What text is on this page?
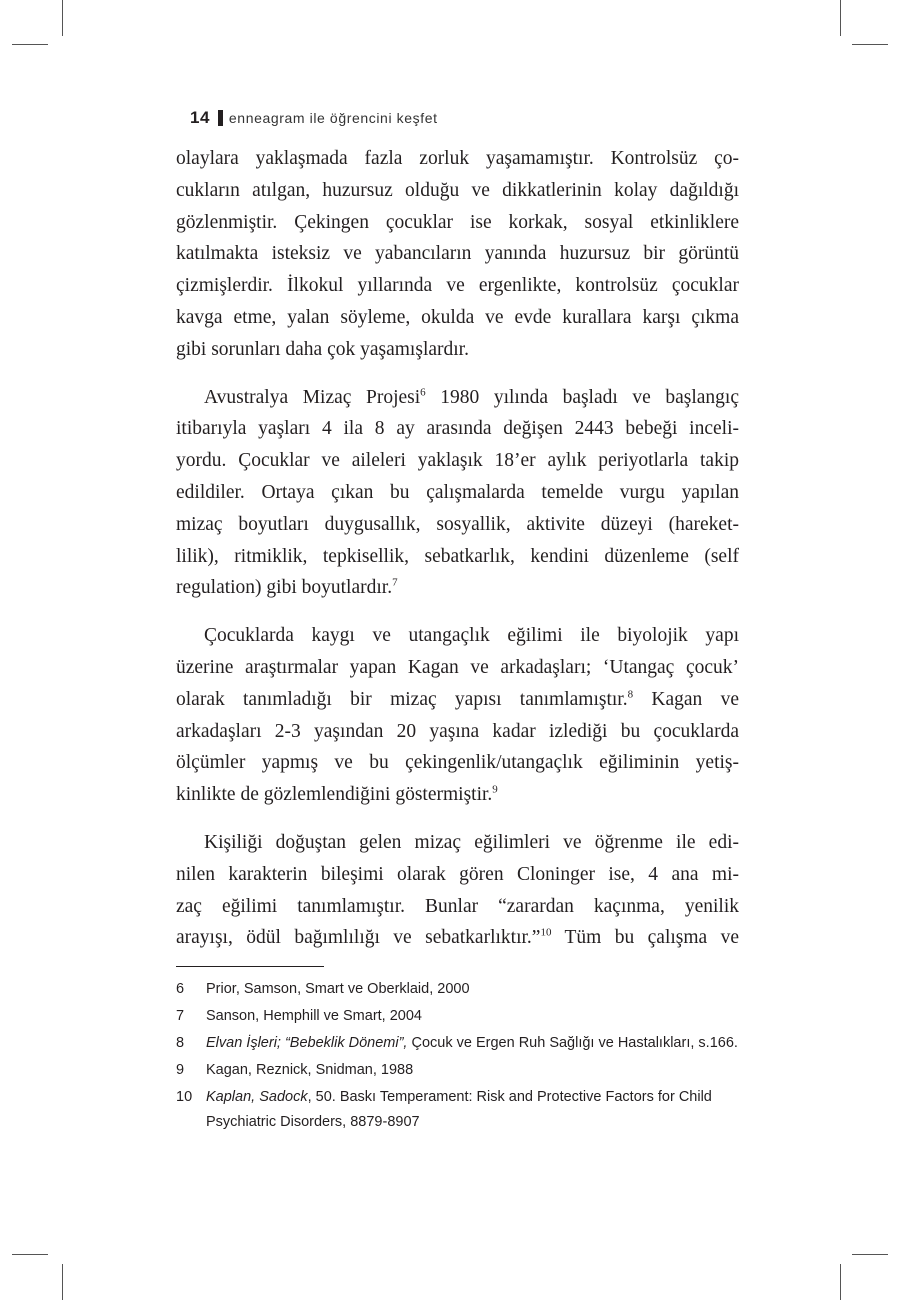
14 enneagram ile öğrencini keşfet

olaylara yaklaşmada fazla zorluk yaşamamıştır. Kontrolsüz ço-

cukların atılgan, huzursuz olduğu ve dikkatlerinin kolay dağıldığı

gözlenmiştir. Çekingen çocuklar ise korkak, sosyal etkinliklere

katılmakta isteksiz ve yabancıların yanında huzursuz bir görüntü

çizmişlerdir. İlkokul yıllarında ve ergenlikte, kontrolsüz çocuklar

kavga etme, yalan söyleme, okulda ve evde kurallara karşı çıkma

gibi sorunları daha çok yaşamışlardır.

Avustralya Mizaç Projesi$^6$ 1980 yılında başladı ve başlangıç

itibarıyla yaşları 4 ila 8 ay arasında değişen 2443 bebeği inceli-

yordu. Çocuklar ve aileleri yaklaşık 18’er aylık periyotlarla takip

edildiler. Ortaya çıkan bu çalışmalarda temelde vurgu yapılan

mizaç boyutları duygusallık, sosyallik, aktivite düzeyi (hareket-

lilik), ritmiklik, tepkisellik, sebatkarlık, kendini düzenleme (self

regulation) gibi boyutlardır.$^7$

Çocuklarda kaygı ve utangaçlık eğilimi ile biyolojik yapı

üzerine araştırmalar yapan Kagan ve arkadaşları; ‘Utangaç çocuk’

olarak tanımladığı bir mizaç yapısı tanımlamıştır.$^8$ Kagan ve

arkadaşları 2-3 yaşından 20 yaşına kadar izlediği bu çocuklarda

ölçümler yapmış ve bu çekingenlik/utangaçlık eğiliminin yetiş-

kinlikte de gözlemlendiğini göstermiştir.$^9$

Kişiliği doğuştan gelen mizaç eğilimleri ve öğrenme ile edi-

nilen karakterin bileşimi olarak gören Cloninger ise, 4 ana mi-

zaç eğilimi tanımlamıştır. Bunlar “zarardan kaçınma, yenilik

arayışı, ödül bağımlılığı ve sebatkarlıktır.”$^{10}$ Tüm bu çalışma ve

6	Prior, Samson, Smart ve Oberklaid, 2000
7	Sanson, Hemphill ve Smart, 2004
8	Elvan İşleri; “Bebeklik Dönemi”, Çocuk ve Ergen Ruh Sağlığı ve Hastalıkları, s.166.
9	Kagan, Reznick, Snidman, 1988
10 Kaplan, Sadock, 50. Baskı Temperament: Risk and Protective Factors for Child Psychiatric Disorders, 8879-8907
